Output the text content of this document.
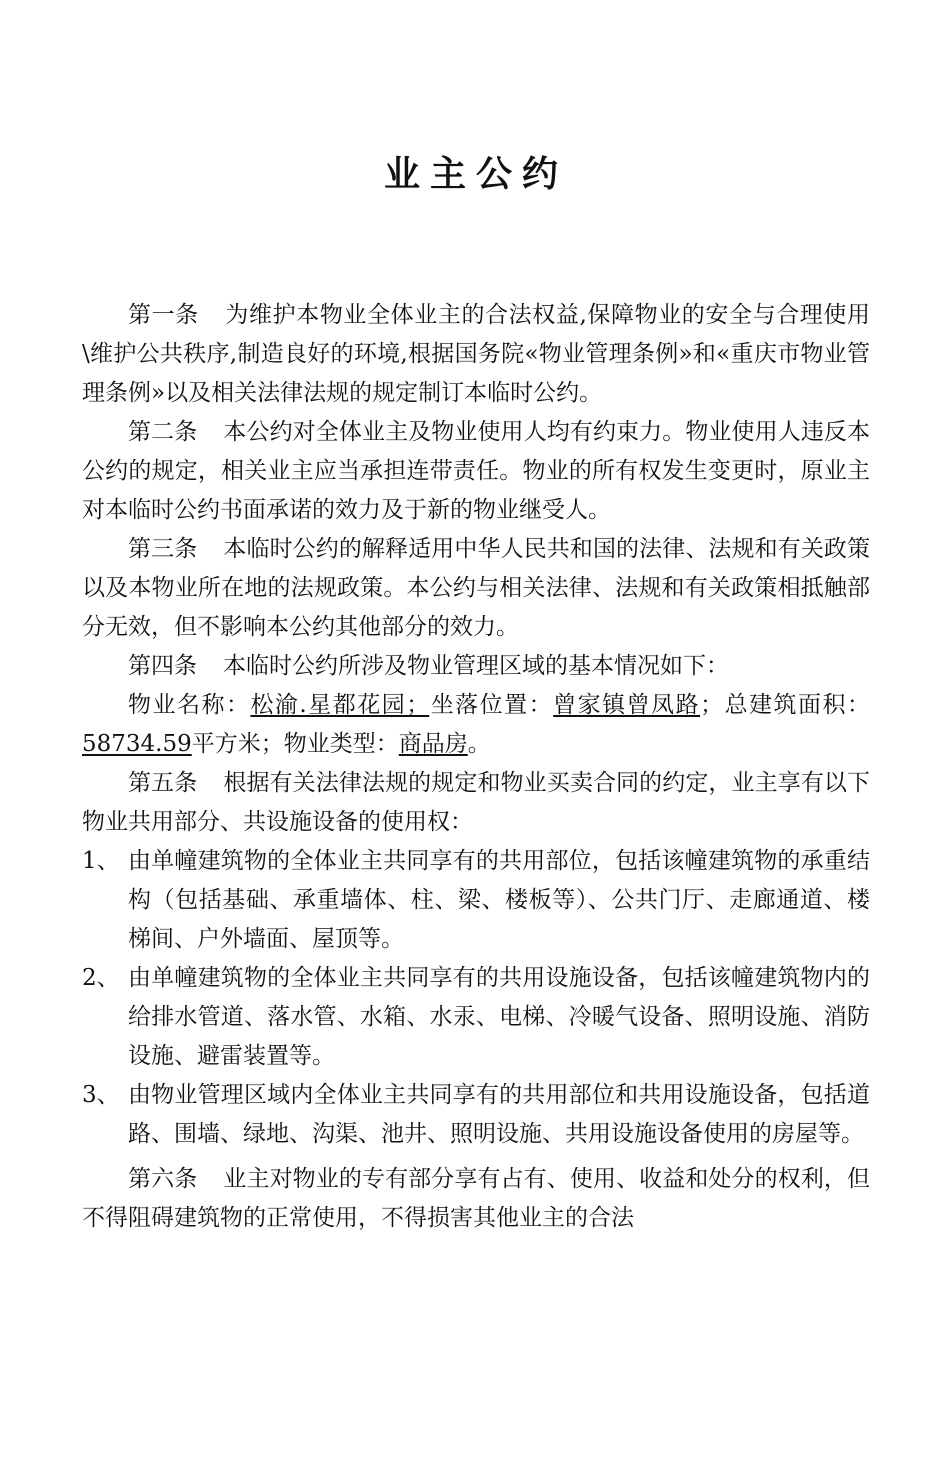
业主公约

第一条 为维护本物业全体业主的合法权益,保障物业的安全与合理使用\维护公共秩序,制造良好的环境,根据国务院«物业管理条例»和«重庆市物业管理条例»以及相关法律法规的规定制订本临时公约。

第二条 本公约对全体业主及物业使用人均有约束力。物业使用人违反本公约的规定，相关业主应当承担连带责任。物业的所有权发生变更时，原业主对本临时公约书面承诺的效力及于新的物业继受人。

第三条 本临时公约的解释适用中华人民共和国的法律、法规和有关政策以及本物业所在地的法规政策。本公约与相关法律、法规和有关政策相抵触部分无效，但不影响本公约其他部分的效力。

第四条 本临时公约所涉及物业管理区域的基本情况如下：

物业名称：松渝.星都花园；坐落位置：曾家镇曾凤路；总建筑面积：58734.59平方米；物业类型：商品房。

第五条 根据有关法律法规的规定和物业买卖合同的约定，业主享有以下物业共用部分、共设施设备的使用权：

1、 由单幢建筑物的全体业主共同享有的共用部位，包括该幢建筑物的承重结构（包括基础、承重墙体、柱、梁、楼板等）、公共门厅、走廊通道、楼梯间、户外墙面、屋顶等。
2、 由单幢建筑物的全体业主共同享有的共用设施设备，包括该幢建筑物内的给排水管道、落水管、水箱、水汞、电梯、冷暖气设备、照明设施、消防设施、避雷装置等。
3、 由物业管理区域内全体业主共同享有的共用部位和共用设施设备，包括道路、围墙、绿地、沟渠、池井、照明设施、共用设施设备使用的房屋等。

第六条 业主对物业的专有部分享有占有、使用、收益和处分的权利，但不得阻碍建筑物的正常使用，不得损害其他业主的合法
